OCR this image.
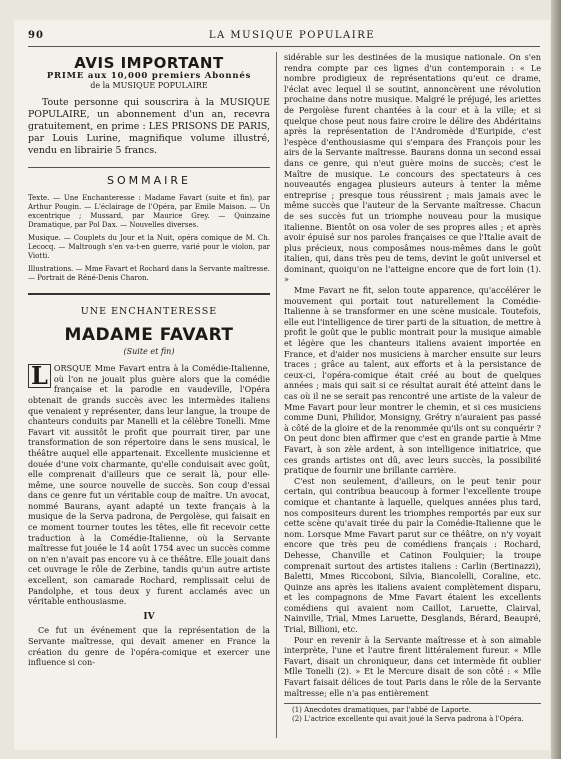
90	LA MUSIQUE POPULAIRE
AVIS IMPORTANT
PRIME aux 10,000 premiers Abonnés
de la MUSIQUE POPULAIRE
Toute personne qui souscrira à la MUSIQUE POPULAIRE, un abonnement d'un an, recevra gratuitement, en prime : LES PRISONS DE PARIS, par Louis Lurine, magnifique volume illustré, vendu en librairie 5 francs.
SOMMAIRE
Texte. — Une Enchanteresse : Madame Favart (suite et fin), par Arthur Pougin. — L'éclairage de l'Opéra, par Emile Maison. — Un excentrique ; Mussard, par Maurice Grey. — Quinzaine Dramatique, par Pol Dax. — Nouvelles diverses.
Musique. — Couplets du Jour et la Nuit, opéra comique de M. Ch. Lecocq. — Maltrough s'en va-t-en guerre, varié pour le violon, par Viotti.
Illustrations. — Mme Favart et Rochard dans la Servante maîtresse. — Portrait de Réné-Denis Charon.
UNE ENCHANTERESSE
MADAME FAVART
(Suite et fin)

L ORSQUE Mme Favart entra à la Comédie-Italienne, où l'on ne jouait plus guère alors que la comédie française et la parodie en vaudeville, l'Opéra obtenait de grands succès avec les intermèdes italiens que venaient y représenter, dans leur langue, la troupe de chanteurs conduits par Manelli et la célèbre Tonelli. Mme Favart vit aussitôt le profit que pourrait tirer, par une transformation de son répertoire dans le sens musical, le théâtre auquel elle appartenait. Excellente musicienne et douée d'une voix charmante, qu'elle conduisait avec goût, elle comprenait d'ailleurs que ce serait là, pour elle-même, une source nouvelle de succès. Son coup d'essai dans ce genre fut un véritable coup de maître. Un avocat, nommé Baurans, ayant adapté un texte français à la musique de la Serva padrona, de Pergolèse, qui faisait en ce moment tourner toutes les têtes, elle fit recevoir cette traduction à la Comédie-Italienne, où la Servante maîtresse fut jouée le 14 août 1754 avec un succès comme on n'en n'avait pas encore vu à ce théâtre. Elle jouait dans cet ouvrage le rôle de Zerbine, tandis qu'un autre artiste excellent, son camarade Rochard, remplissait celui de Pandolphe, et tous deux y furent acclamés avec un véritable enthousiasme.

IV

Ce fut un événement que la représentation de la Servante maîtresse, qui devait amener en France la création du genre de l'opéra-comique et exercer une influence si con-

sidérable sur les destinées de la musique nationale. On s'en rendra compte par ces lignes d'un contemporain : « Le nombre prodigieux de représentations qu'eut ce drame, l'éclat avec lequel il se soutint, annoncèrent une révolution prochaine dans notre musique. Malgré le préjugé, les ariettes de Pergolèse furent chantées à la cour et à la ville; et si quelque chose peut nous faire croire le délire des Abdéritains après la représentation de l'Andromède d'Euripide, c'est l'espèce d'enthousiasme qui s'empara des François pour les airs de la Servante maîtresse. Baurans donna un second essai dans ce genre, qui n'eut guère moins de succès; c'est le Maître de musique. Le concours des spectateurs à ces nouveautés engagea plusieurs auteurs à tenter la même entreprise ; presque tous réussirent ; mais jamais avec le même succès que l'auteur de la Servante maîtresse. Chacun de ses succès fut un triomphe nouveau pour la musique italienne. Bientôt on osa voler de ses propres ailes ; et après avoir épuisé sur nos paroles françaises ce que l'Italie avait de plus précieux, nous composâmes nous-mêmes dans le goût italien, qui, dans très peu de tems, devint le goût universel et dominant, quoiqu'on ne l'atteigne encore que de fort loin (1). »

Mme Favart ne fit, selon toute apparence, qu'accélérer le mouvement qui portait tout naturellement la Comédie-Italienne à se transformer en une scène musicale. Toutefois, elle eut l'intelligence de tirer parti de la situation, de mettre à profit le goût que le public montrait pour la musique aimable et légère que les chanteurs italiens avaient importée en France, et d'aider nos musiciens à marcher ensuite sur leurs traces ; grâce au talent, aux efforts et à la persistance de ceux-ci, l'opéra-comique était créé au bout de quelques années ; mais qui sait si ce résultat aurait été atteint dans le cas où il ne se serait pas rencontré une artiste de la valeur de Mme Favart pour leur montrer le chemin, et si ces musiciens comme Duni, Philidor, Monsigny, Grétry n'auraient pas passé à côté de la gloire et de la renommée qu'ils ont su conquérir ? On peut donc bien affirmer que c'est en grande partie à Mme Favart, à son zèle ardent, à son intelligence initiatrice, que ces grands artistes ont dû, avec leurs succès, la possibilité pratique de fournir une brillante carrière.

C'est non seulement, d'ailleurs, on le peut tenir pour certain, qui contribua beaucoup à former l'excellente troupe comique et chantante à laquelle, quelques années plus tard, nos compositeurs durent les triomphes remportés par eux sur cette scène qu'avait tirée du pair la Comédie-Italienne que le nom. Lorsque Mme Favart parut sur ce théâtre, on n'y voyait encore que très peu de comédiens français : Rochard, Dehesse, Chanville et Catinon Foulquier; la troupe comprenait surtout des artistes italiens : Carlin (Bertinazzi), Baletti, Mmes Riccoboni, Silvia, Biancolelli, Coraline, etc. Quinze ans après les italiens avaient complètement disparu, et les compagnons de Mme Favart étaient les excellents comédiens qui avaient nom Caillot, Laruette, Clairval, Nainville, Trial, Mmes Laruette, Desglands, Bérard, Beaupré, Trial, Billioni, etc.

Pour en revenir à la Servante maîtresse et à son aimable interprète, l'une et l'autre firent littéralement fureur. « Mlle Favart, disait un chroniqueur, dans cet intermède fit oublier Mlle Tonelli (2). » Et le Mercure disait de son côté : « Mlle Favart faisait délices de tout Paris dans le rôle de la Servante maîtresse; elle n'a pas entièrement

(1) Anecdotes dramatiques, par l'abbé de Laporte.
(2) L'actrice excellente qui avait joué la Serva padrona à l'Opéra.
